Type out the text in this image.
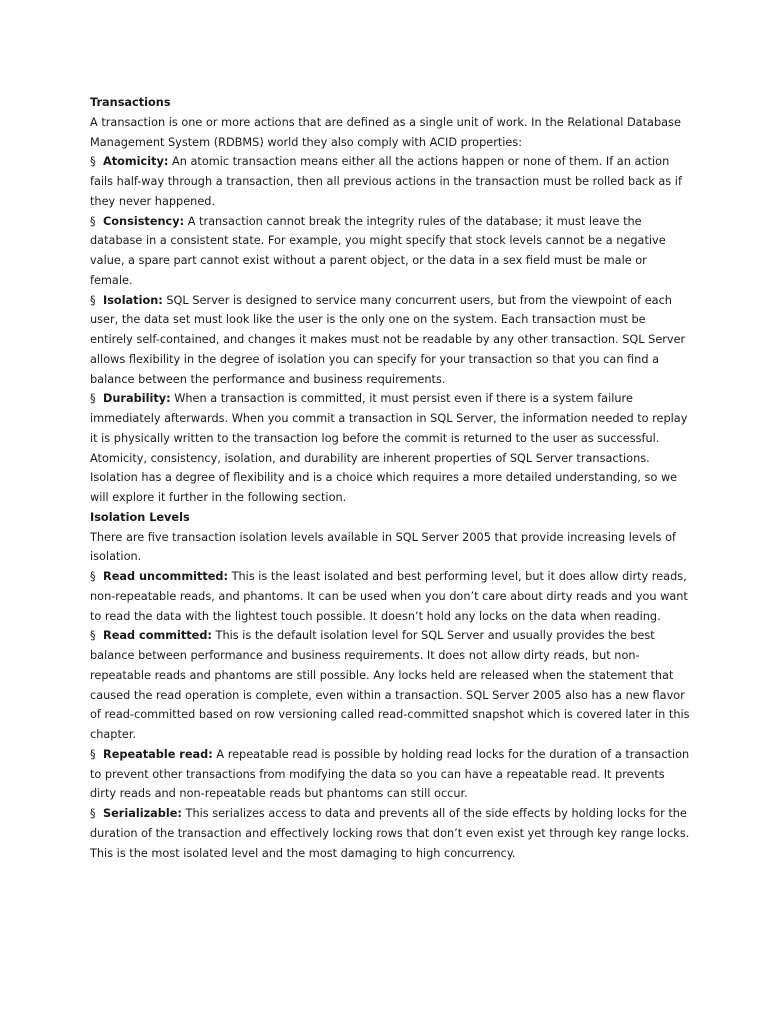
Transactions

A transaction is one or more actions that are defined as a single unit of work. In the Relational Database Management System (RDBMS) world they also comply with ACID properties:

§ Atomicity: An atomic transaction means either all the actions happen or none of them. If an action fails half-way through a transaction, then all previous actions in the transaction must be rolled back as if they never happened.

§ Consistency: A transaction cannot break the integrity rules of the database; it must leave the database in a consistent state. For example, you might specify that stock levels cannot be a negative value, a spare part cannot exist without a parent object, or the data in a sex field must be male or female.

§ Isolation: SQL Server is designed to service many concurrent users, but from the viewpoint of each user, the data set must look like the user is the only one on the system. Each transaction must be entirely self-contained, and changes it makes must not be readable by any other transaction. SQL Server allows flexibility in the degree of isolation you can specify for your transaction so that you can find a balance between the performance and business requirements.

§ Durability: When a transaction is committed, it must persist even if there is a system failure immediately afterwards. When you commit a transaction in SQL Server, the information needed to replay it is physically written to the transaction log before the commit is returned to the user as successful.

Atomicity, consistency, isolation, and durability are inherent properties of SQL Server transactions. Isolation has a degree of flexibility and is a choice which requires a more detailed understanding, so we will explore it further in the following section.

Isolation Levels

There are five transaction isolation levels available in SQL Server 2005 that provide increasing levels of isolation.

§ Read uncommitted: This is the least isolated and best performing level, but it does allow dirty reads, non-repeatable reads, and phantoms. It can be used when you don’t care about dirty reads and you want to read the data with the lightest touch possible. It doesn’t hold any locks on the data when reading.

§ Read committed: This is the default isolation level for SQL Server and usually provides the best balance between performance and business requirements. It does not allow dirty reads, but non-repeatable reads and phantoms are still possible. Any locks held are released when the statement that caused the read operation is complete, even within a transaction. SQL Server 2005 also has a new flavor of read-committed based on row versioning called read-committed snapshot which is covered later in this chapter.

§ Repeatable read: A repeatable read is possible by holding read locks for the duration of a transaction to prevent other transactions from modifying the data so you can have a repeatable read. It prevents dirty reads and non-repeatable reads but phantoms can still occur.

§ Serializable: This serializes access to data and prevents all of the side effects by holding locks for the duration of the transaction and effectively locking rows that don’t even exist yet through key range locks. This is the most isolated level and the most damaging to high concurrency.
